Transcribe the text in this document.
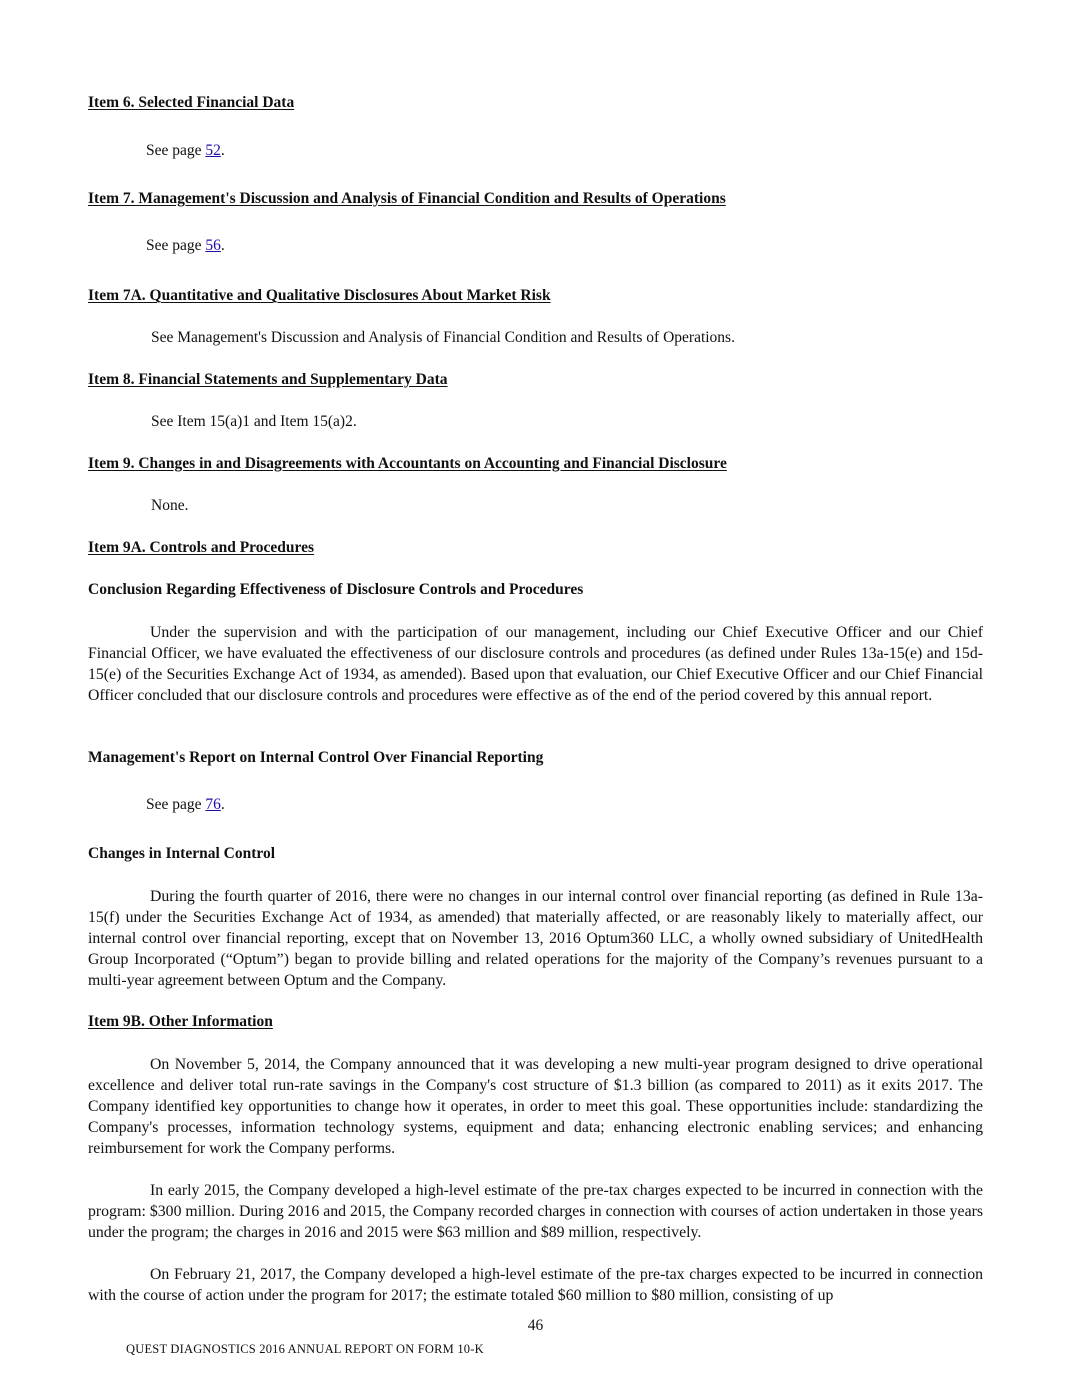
Item 6. Selected Financial Data

See page 52.

Item 7. Management's Discussion and Analysis of Financial Condition and Results of Operations

See page 56.

Item 7A. Quantitative and Qualitative Disclosures About Market Risk

See Management's Discussion and Analysis of Financial Condition and Results of Operations.

Item 8. Financial Statements and Supplementary Data

See Item 15(a)1 and Item 15(a)2.

Item 9. Changes in and Disagreements with Accountants on Accounting and Financial Disclosure

None.

Item 9A. Controls and Procedures

Conclusion Regarding Effectiveness of Disclosure Controls and Procedures

Under the supervision and with the participation of our management, including our Chief Executive Officer and our Chief Financial Officer, we have evaluated the effectiveness of our disclosure controls and procedures (as defined under Rules 13a-15(e) and 15d-15(e) of the Securities Exchange Act of 1934, as amended). Based upon that evaluation, our Chief Executive Officer and our Chief Financial Officer concluded that our disclosure controls and procedures were effective as of the end of the period covered by this annual report.

Management's Report on Internal Control Over Financial Reporting

See page 76.

Changes in Internal Control

During the fourth quarter of 2016, there were no changes in our internal control over financial reporting (as defined in Rule 13a-15(f) under the Securities Exchange Act of 1934, as amended) that materially affected, or are reasonably likely to materially affect, our internal control over financial reporting, except that on November 13, 2016 Optum360 LLC, a wholly owned subsidiary of UnitedHealth Group Incorporated (“Optum”) began to provide billing and related operations for the majority of the Company’s revenues pursuant to a multi-year agreement between Optum and the Company.

Item 9B. Other Information

On November 5, 2014, the Company announced that it was developing a new multi-year program designed to drive operational excellence and deliver total run-rate savings in the Company's cost structure of $1.3 billion (as compared to 2011) as it exits 2017. The Company identified key opportunities to change how it operates, in order to meet this goal. These opportunities include: standardizing the Company's processes, information technology systems, equipment and data; enhancing electronic enabling services; and enhancing reimbursement for work the Company performs.

In early 2015, the Company developed a high-level estimate of the pre-tax charges expected to be incurred in connection with the program: $300 million. During 2016 and 2015, the Company recorded charges in connection with courses of action undertaken in those years under the program; the charges in 2016 and 2015 were $63 million and $89 million, respectively.

On February 21, 2017, the Company developed a high-level estimate of the pre-tax charges expected to be incurred in connection with the course of action under the program for 2017; the estimate totaled $60 million to $80 million, consisting of up

46

QUEST DIAGNOSTICS 2016 ANNUAL REPORT ON FORM 10-K
